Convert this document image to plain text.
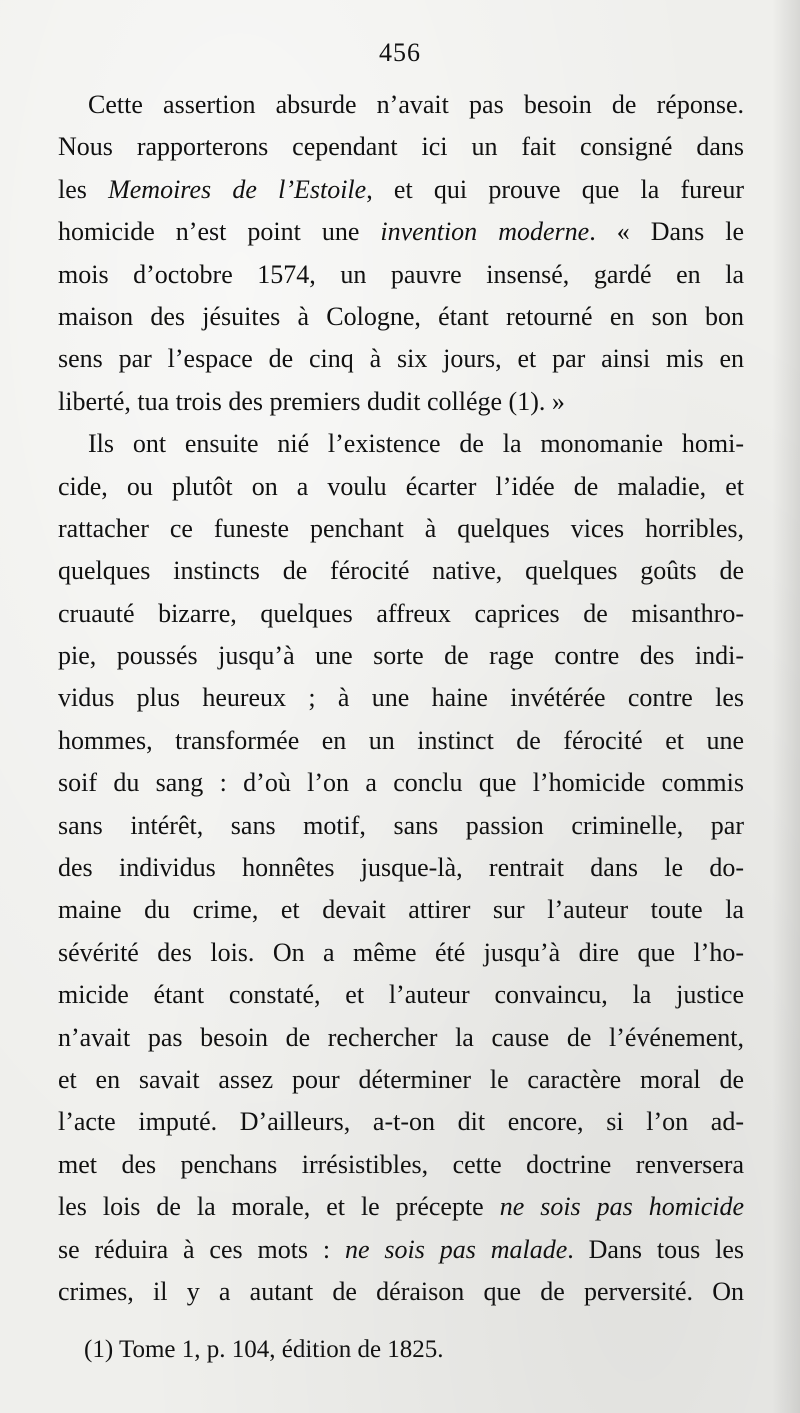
456
Cette assertion absurde n’avait pas besoin de réponse.
Nous rapporterons cependant ici un fait consigné dans
les Memoires de l’Estoile, et qui prouve que la fureur
homicide n’est point une invention moderne. « Dans le
mois d’octobre 1574, un pauvre insensé, gardé en la
maison des jésuites à Cologne, étant retourné en son bon
sens par l’espace de cinq à six jours, et par ainsi mis en
liberté, tua trois des premiers dudit collége (1). »
Ils ont ensuite nié l’existence de la monomanie homi-
cide, ou plutôt on a voulu écarter l’idée de maladie, et
rattacher ce funeste penchant à quelques vices horribles,
quelques instincts de férocité native, quelques goûts de
cruauté bizarre, quelques affreux caprices de misanthro-
pie, poussés jusqu’à une sorte de rage contre des indi-
vidus plus heureux ; à une haine invétérée contre les
hommes, transformée en un instinct de férocité et une
soif du sang : d’où l’on a conclu que l’homicide commis
sans intérêt, sans motif, sans passion criminelle, par
des individus honnêtes jusque-là, rentrait dans le do-
maine du crime, et devait attirer sur l’auteur toute la
sévérité des lois. On a même été jusqu’à dire que l’ho-
micide étant constaté, et l’auteur convaincu, la justice
n’avait pas besoin de rechercher la cause de l’événement,
et en savait assez pour déterminer le caractère moral de
l’acte imputé. D’ailleurs, a-t-on dit encore, si l’on ad-
met des penchans irrésistibles, cette doctrine renversera
les lois de la morale, et le précepte ne sois pas homicide
se réduira à ces mots : ne sois pas malade. Dans tous les
crimes, il y a autant de déraison que de perversité. On
(1) Tome 1, p. 104, édition de 1825.
